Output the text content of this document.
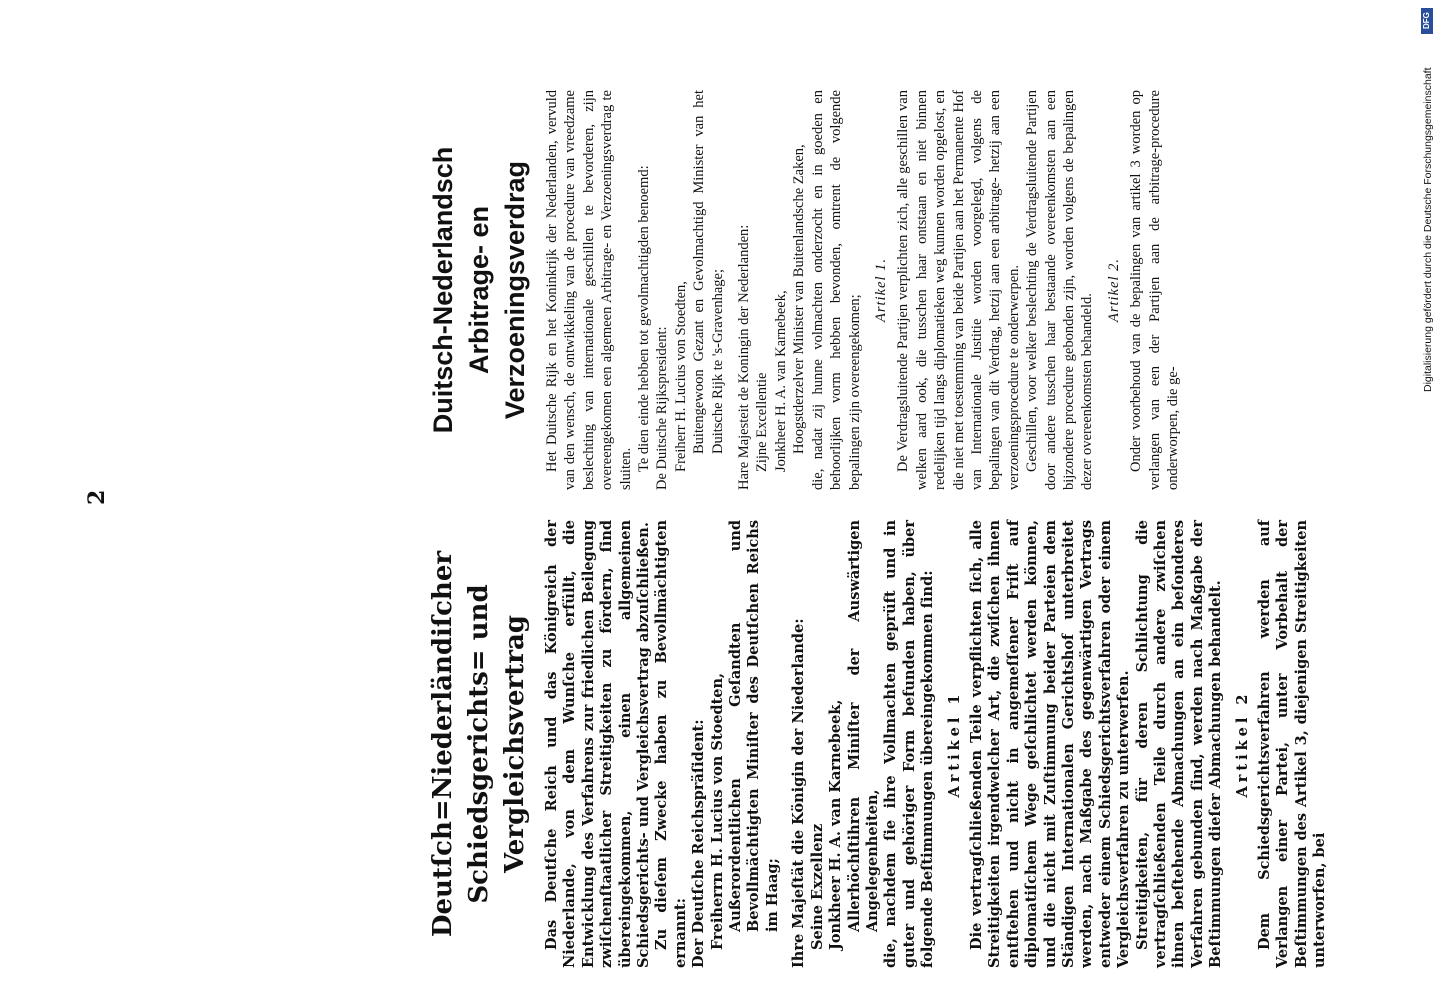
2
Deutſch=Niederländiſcher Schiedsgerichts= und Vergleichsvertrag Das Deutſche Reich und das Königreich der Niederlande, von dem Wunſche erfüllt, die Entwicklung des Verfahrens zur friedlichen Beilegung zwiſchenſtaatlicher Streitigkeiten zu fördern, ſind übereingekommen, einen allgemeinen Schiedsgerichts- und Vergleichsvertrag abzuſchließen. Zu dieſem Zwecke haben zu Bevollmächtigten ernannt: Der Deutſche Reichspräſident: Freiherrn H. Lucius von Stoedten, Außerordentlichen Geſandten und Bevollmächtigten Miniſter des Deutſchen Reichs im Haag; Ihre Majeſtät die Königin der Niederlande: Seine Exzellenz Jonkheer H. A. van Karnebeek, Allerhöchſtihren Miniſter der Auswärtigen Angelegenheiten, die, nachdem ſie ihre Vollmachten geprüft und in guter und gehöriger Form befunden haben, über folgende Beſtimmungen übereingekommen ſind: Artikel 1 Die vertragſchließenden Teile verpflichten ſich, alle Streitigkeiten irgendwelcher Art, die zwiſchen ihnen entſtehen und nicht in angemeſſener Friſt auf diplomatiſchem Wege geſchlichtet werden können, und die nicht mit Zuſtimmung beider Parteien dem Ständigen Internationalen Gerichtshof unterbreitet werden, nach Maßgabe des gegenwärtigen Vertrags entweder einem Schiedsgerichtsverfahren oder einem Vergleichsverfahren zu unterwerfen. Streitigkeiten, für deren Schlichtung die vertragſchließenden Teile durch andere zwiſchen ihnen beſtehende Abmachungen an ein beſonderes Verfahren gebunden ſind, werden nach Maßgabe der Beſtimmungen dieſer Abmachungen behandelt. Artikel 2 Dem Schiedsgerichtsverfahren werden auf Verlangen einer Partei, unter Vorbehalt der Beſtimmungen des Artikel 3, diejenigen Streitigkeiten unterworfen, bei

Duitsch-Nederlandsch Arbitrage- en Verzoeningsverdrag Het Duitsche Rijk en het Koninkrijk der Nederlanden, vervuld van den wensch, de ontwikkeling van de procedure van vreedzame beslechting van internationale geschillen te bevorderen, zijn overeengekomen een algemeen Arbitrage- en Verzoeningsverdrag te sluiten. Te dien einde hebben tot gevolmachtigden benoemd: De Duitsche Rijkspresident: Freiherr H. Lucius von Stoedten, Buitengewoon Gezant en Gevolmachtigd Minister van het Duitsche Rijk te 's-Gravenhage; Hare Majesteit de Koningin der Nederlanden: Zijne Excellentie Jonkheer H. A. van Karnebeek, Hoogstderzelver Minister van Buitenlandsche Zaken, die, nadat zij hunne volmachten onderzocht en in goeden en behoorlijken vorm hebben bevonden, omtrent de volgende bepalingen zijn overeengekomen;

Artikel 1. De Verdragsluitende Partijen verplichten zich, alle geschillen van welken aard ook, die tusschen haar ontstaan en niet binnen redelijken tijd langs diplomatieken weg kunnen worden opgelost, en die niet met toestemming van beide Partijen aan het Permanente Hof van Internationale Justitie worden voorgelegd, volgens de bepalingen van dit Verdrag, hetzij aan een arbitrage- hetzij aan een verzoeningsprocedure te onderwerpen. Geschillen, voor welker beslechting de Verdragsluitende Partijen door andere tusschen haar bestaande overeenkomsten aan een bijzondere procedure gebonden zijn, worden volgens de bepalingen dezer overeenkomsten behandeld.

Artikel 2. Onder voorbehoud van de bepalingen van artikel 3 worden op verlangen van een der Partijen aan de arbitrage-procedure onderworpen, die ge-

Digitalisierung gefördert durch die Deutsche Forschungsgemeinschaft
DFG
